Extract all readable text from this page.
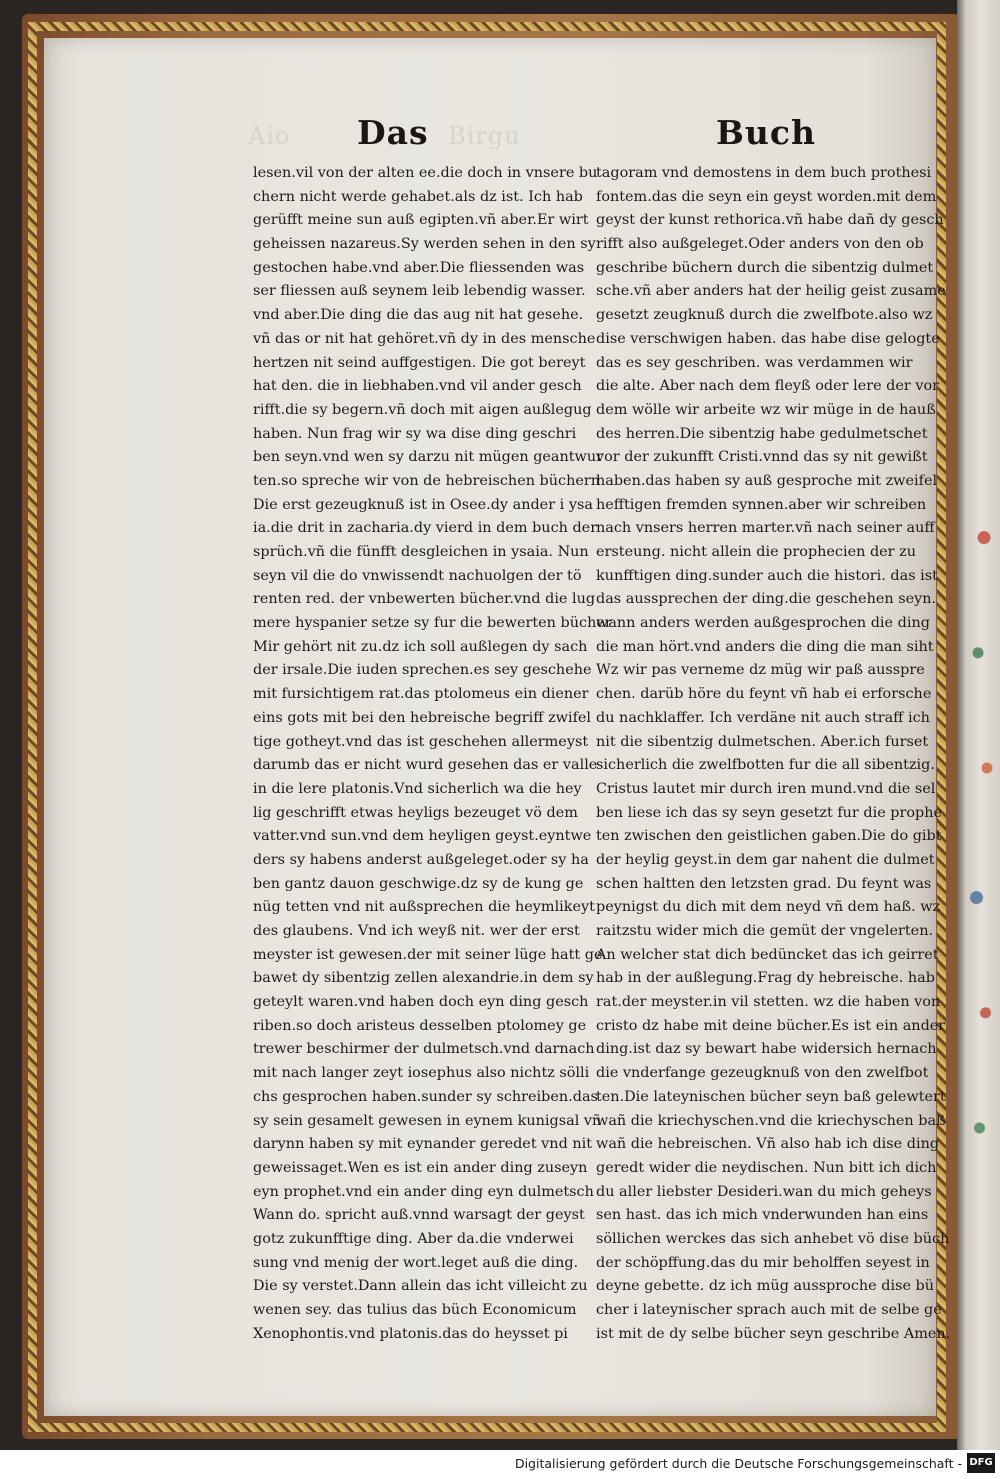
Aio	Birgu
Das	Buch
lesen.vil von der alten ee.die doch in vnsere bu
chern nicht werde gehabet.als dz ist. Ich hab
gerüfft meine sun auß egipten.vñ aber.Er wirt
geheissen nazareus.Sy werden sehen in den sy
gestochen habe.vnd aber.Die fliessenden was
ser fliessen auß seynem leib lebendig wasser.
vnd aber.Die ding die das aug nit hat gesehe.
vñ das or nit hat gehöret.vñ dy in des mensche
hertzen nit seind auffgestigen. Die got bereyt
hat den. die in liebhaben.vnd vil ander gesch
rifft.die sy begern.vñ doch mit aigen außlegug
haben. Nun frag wir sy wa dise ding geschri
ben seyn.vnd wen sy darzu nit mügen geantwur
ten.so spreche wir von de hebreischen büchern
Die erst gezeugknuß ist in Osee.dy ander i ysa
ia.die drit in zacharia.dy vierd in dem buch der
sprüch.vñ die fünfft desgleichen in ysaia. Nun
seyn vil die do vnwissendt nachuolgen der tö
renten red. der vnbewerten bücher.vnd die lug
mere hyspanier setze sy fur die bewerten bücher
Mir gehört nit zu.dz ich soll außlegen dy sach
der irsale.Die iuden sprechen.es sey geschehe
mit fursichtigem rat.das ptolomeus ein diener
eins gots mit bei den hebreische begriff zwifel
tige gotheyt.vnd das ist geschehen allermeyst
darumb das er nicht wurd gesehen das er valle
in die lere platonis.Vnd sicherlich wa die hey
lig geschrifft etwas heyligs bezeuget vö dem
vatter.vnd sun.vnd dem heyligen geyst.eyntwe
ders sy habens anderst außgeleget.oder sy ha
ben gantz dauon geschwige.dz sy de kung ge
nüg tetten vnd nit außsprechen die heymlikeyt
des glaubens. Vnd ich weyß nit. wer der erst
meyster ist gewesen.der mit seiner lüge hatt ge
bawet dy sibentzig zellen alexandrie.in dem sy
geteylt waren.vnd haben doch eyn ding gesch
riben.so doch aristeus desselben ptolomey ge
trewer beschirmer der dulmetsch.vnd darnach
mit nach langer zeyt iosephus also nichtz söllі
chs gesprochen haben.sunder sy schreiben.das
sy sein gesamelt gewesen in eynem kunigsal vñ
darynn haben sy mit eynander geredet vnd nit
geweissaget.Wen es ist ein ander ding zuseyn
eyn prophet.vnd ein ander ding eyn dulmetsch
Wann do. spricht auß.vnnd warsagt der geyst
gotz zukunfftige ding. Aber da.die vnderwei
sung vnd menig der wort.leget auß die ding.
Die sy verstet.Dann allein das icht villeicht zu
wenen sey. das tulius das büch Economicum
Xenophontis.vnd platonis.das do heysset pi
tagoram vnd demostens in dem buch prothesi
fontem.das die seyn ein geyst worden.mit dem
geyst der kunst rethorica.vñ habe dañ dy gesch
rifft also außgeleget.Oder anders von den ob
geschribe büchern durch die sibentzig dulmet
sche.vñ aber anders hat der heilig geist zusame
gesetzt zeugknuß durch die zwelfbote.also wz
dise verschwigen haben. das habe dise gelogte
das es sey geschriben. was verdammen wir
die alte. Aber nach dem fleyß oder lere der vor
dem wölle wir arbeite wz wir müge in de hauß
des herren.Die sibentzig habe gedulmetschet
vor der zukunfft Cristi.vnnd das sy nit gewißt
haben.das haben sy auß gesproche mit zweifel
hefftigen fremden synnen.aber wir schreiben
nach vnsers herren marter.vñ nach seiner auff
ersteung. nicht allein die prophecien der zu
kunfftigen ding.sunder auch die histori. das ist
das aussprechen der ding.die geschehen seyn.
wann anders werden außgesprochen die ding
die man hört.vnd anders die ding die man siht
Wz wir pas verneme dz müg wir paß ausspre
chen. darüb höre du feynt vñ hab ei erforsche
du nachklaffer. Ich verdäne nit auch straff ich
nit die sibentzig dulmetschen. Aber.ich furset
sicherlich die zwelfbotten fur die all sibentzig.
Cristus lautet mir durch iren mund.vnd die sel
ben liese ich das sy seyn gesetzt fur die prophe
ten zwischen den geistlichen gaben.Die do gibt
der heylig geyst.in dem gar nahent die dulmet
schen haltten den letzsten grad. Du feynt was
peynigst du dich mit dem neyd vñ dem haß. wz
raitzstu wider mich die gemüt der vngelerten.
An welcher stat dich bedüncket das ich geirret
hab in der außlegung.Frag dy hebreische. hab
rat.der meyster.in vil stetten. wz die haben von
cristo dz habe mit deine bücher.Es ist ein ander
ding.ist daz sy bewart habe widersich hernach
die vnderfange gezeugknuß von den zwelfbot
ten.Die lateynischen bücher seyn baß gelewtert
wañ die kriechyschen.vnd die kriechyschen baß
wañ die hebreischen. Vñ also hab ich dise ding
geredt wider die neydischen. Nun bitt ich dich
du aller liebster Desideri.wan du mich geheys
sen hast. das ich mich vnderwunden han eins
söllichen werckes das sich anhebet vö dise büch
der schöpffung.das du mir beholffen seyest in
deyne gebette. dz ich müg aussproche dise bü
cher i lateynischer sprach auch mit de selbe ge
ist mit de dy selbe bücher seyn geschribe Amen.
Digitalisierung gefördert durch die Deutsche Forschungsgemeinschaft - DFG
